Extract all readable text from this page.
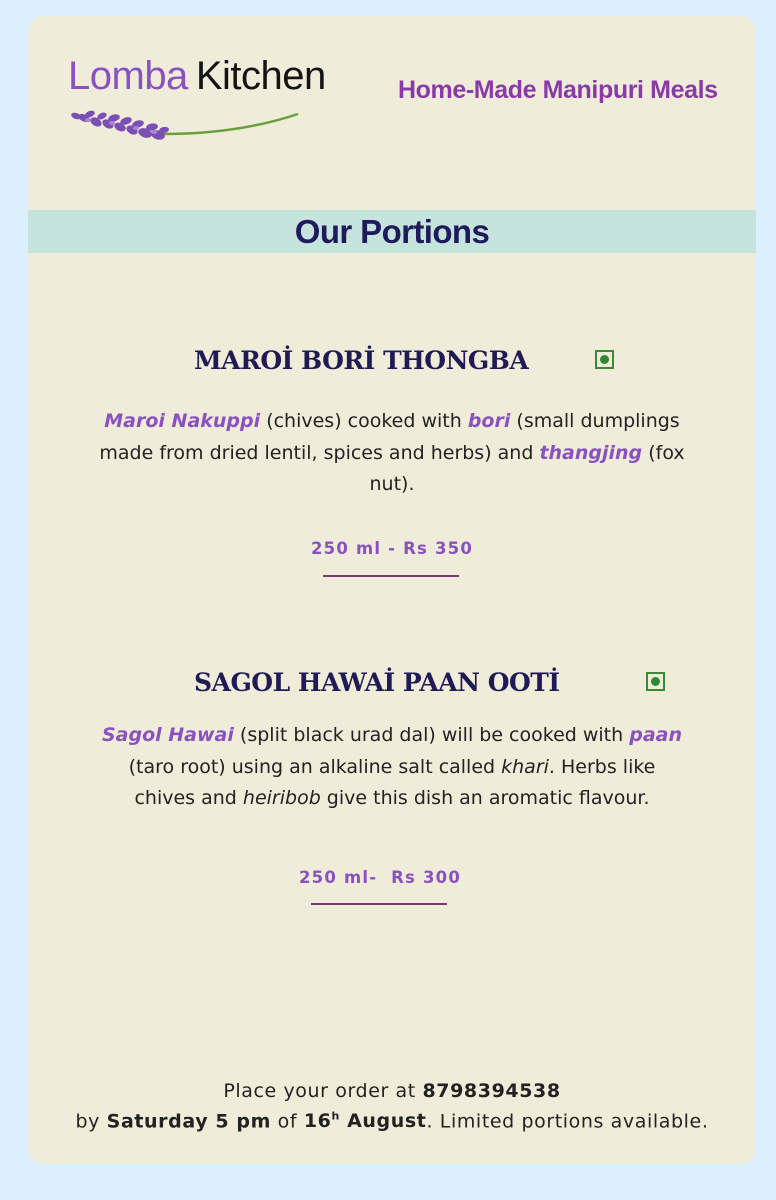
Lomba Kitchen	Home-Made Manipuri Meals
Our Portions
MAROİ BORİ THONGBA
Maroi Nakuppi (chives) cooked with bori (small dumplings made from dried lentil, spices and herbs) and thangjing (fox nut).
250 ml - Rs 350
SAGOL HAWAİ PAAN OOTİ
Sagol Hawai (split black urad dal) will be cooked with paan (taro root) using an alkaline salt called khari. Herbs like chives and heiribob give this dish an aromatic flavour.
250 ml-  Rs 300
Place your order at 8798394538
by Saturday 5 pm of 16$^h$ August. Limited portions available.
